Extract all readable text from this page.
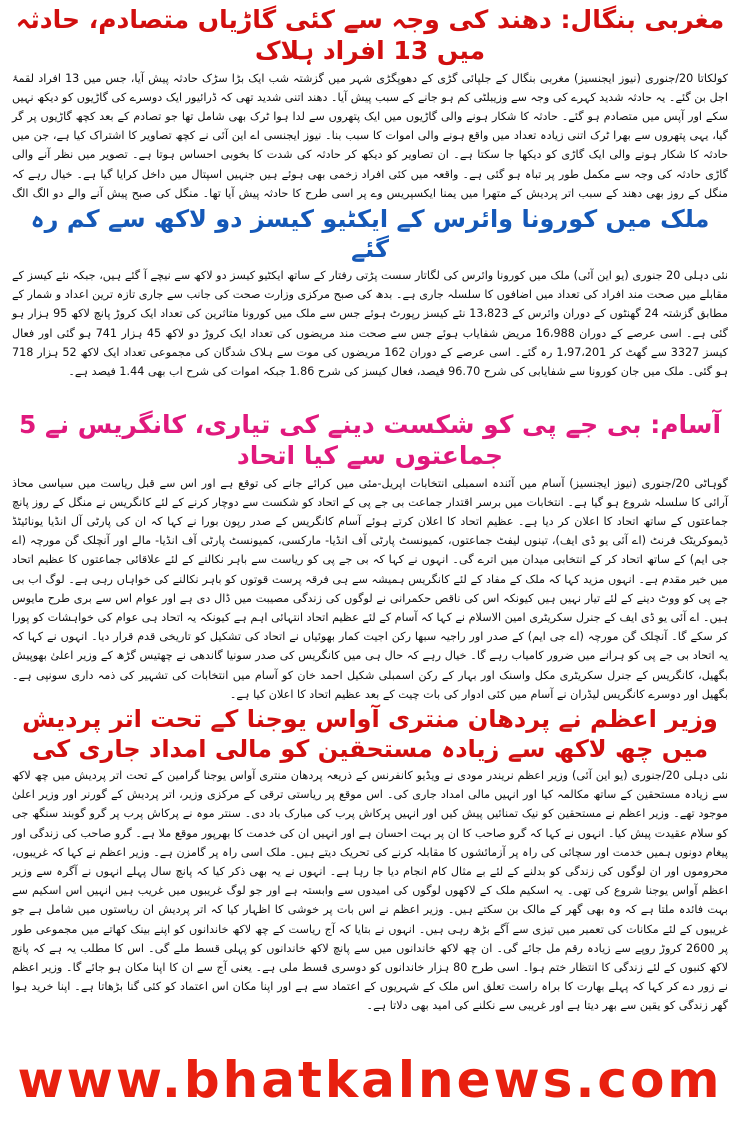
مغربی بنگال: دھند کی وجہ سے کئی گاڑیاں متصادم، حادثہ میں 13 افراد ہلاک

کولکاتا 20/جنوری (نیوز ایجنسیز) مغربی بنگال کے جلپائی گڑی کے دھوپگڑی شہر میں گزشتہ شب ایک بڑا سڑک حادثہ پیش آیا، جس میں 13 افراد لقمۂ اجل بن گئے۔ یہ حادثہ شدید کہرے کی وجہ سے وزیبلٹی کم ہو جانے کے سبب پیش آیا۔ دھند اتنی شدید تھی کہ ڈرائیور ایک دوسرے کی گاڑیوں کو دیکھ نہیں سکے اور آپس میں متصادم ہو گئے۔ حادثہ کا شکار ہونے والی گاڑیوں میں ایک پتھروں سے لدا ہوا ٹرک بھی شامل تھا جو تصادم کے بعد کچھ گاڑیوں پر گر گیا، یہی پتھروں سے بھرا ٹرک اتنی زیادہ تعداد میں واقع ہونے والی اموات کا سبب بنا۔ نیوز ایجنسی اے این آئی نے کچھ تصاویر کا اشتراک کیا ہے، جن میں حادثہ کا شکار ہونے والی ایک گاڑی کو دیکھا جا سکتا ہے۔ ان تصاویر کو دیکھ کر حادثہ کی شدت کا بخوبی احساس ہوتا ہے۔ تصویر میں نظر آنے والی گاڑی حادثہ کی وجہ سے مکمل طور پر تباہ ہو گئی ہے۔ واقعہ میں کئی افراد زخمی بھی ہوئے ہیں جنہیں اسپتال میں داخل کرایا گیا ہے۔ خیال رہے کہ منگل کے روز بھی دھند کے سبب اتر پردیش کے متھرا میں یمنا ایکسپریس وے پر اسی طرح کا حادثہ پیش آیا تھا۔ منگل کی صبح پیش آنے والے دو الگ الگ

ملک میں کورونا وائرس کے ایکٹیو کیسز دو لاکھ سے کم رہ گئے

نئی دہلی 20 جنوری (یو این آئی) ملک میں کورونا وائرس کی لگاتار سست پڑتی رفتار کے ساتھ ایکٹیو کیسز دو لاکھ سے نیچے آ گئے ہیں، جبکہ نئے کیسز کے مقابلے میں صحت مند افراد کی تعداد میں اضافوں کا سلسلہ جاری ہے۔ بدھ کی صبح مرکزی وزارت صحت کی جانب سے جاری تازہ ترین اعداد و شمار کے مطابق گزشتہ 24 گھنٹوں کے دوران وائرس کے 13،823 نئے کیسز رپورٹ ہوئے جس سے ملک میں کورونا متاثرین کی تعداد ایک کروڑ پانچ لاکھ 95 ہزار ہو گئی ہے۔ اسی عرصے کے دوران 16،988 مریض شفایاب ہوئے جس سے صحت مند مریضوں کی تعداد ایک کروڑ دو لاکھ 45 ہزار 741 ہو گئی اور فعال کیسز 3327 سے گھٹ کر 1،97،201 رہ گئے۔ اسی عرصے کے دوران 162 مریضوں کی موت سے ہلاک شدگان کی مجموعی تعداد ایک لاکھ 52 ہزار 718 ہو گئی۔ ملک میں جان کورونا سے شفایابی کی شرح 96.70 فیصد، فعال کیسز کی شرح 1.86 جبکہ اموات کی شرح اب بھی 1.44 فیصد ہے۔

آسام: بی جے پی کو شکست دینے کی تیاری، کانگریس نے 5 جماعتوں سے کیا اتحاد

گوہاٹی 20/جنوری (نیوز ایجنسیز) آسام میں آئندہ اسمبلی انتخابات اپریل-مئی میں کرائے جانے کی توقع ہے اور اس سے قبل ریاست میں سیاسی محاذ آرائی کا سلسلہ شروع ہو گیا ہے۔ انتخابات میں برسر اقتدار جماعت بی جے پی کے اتحاد کو شکست سے دوچار کرنے کے لئے کانگریس نے منگل کے روز پانچ جماعتوں کے ساتھ اتحاد کا اعلان کر دیا ہے۔ عظیم اتحاد کا اعلان کرتے ہوئے آسام کانگریس کے صدر رپون بورا نے کہا کہ ان کی پارٹی آل انڈیا یونائیٹڈ ڈیموکریٹک فرنٹ (اے آئی یو ڈی ایف)، تینوں لیفٹ جماعتوں، کمیونسٹ پارٹی آف انڈیا- مارکسی، کمیونسٹ پارٹی آف انڈیا- مالے اور آنچلک گن مورچہ (اے جی ایم) کے ساتھ اتحاد کر کے انتخابی میدان میں اترے گی۔ انہوں نے کہا کہ بی جے پی کو ریاست سے باہر نکالنے کے لئے علاقائی جماعتوں کا عظیم اتحاد میں خیر مقدم ہے۔ انہوں مزید کہا کہ ملک کے مفاد کے لئے کانگریس ہمیشہ سے ہی فرقہ پرست قوتوں کو باہر نکالنے کی خواہاں رہی ہے۔ لوگ اب بی جے پی کو ووٹ دینے کے لئے تیار نہیں ہیں کیونکہ اس کی ناقص حکمرانی نے لوگوں کی زندگی مصیبت میں ڈال دی ہے اور عوام اس سے بری طرح مایوس ہیں۔ اے آئی یو ڈی ایف کے جنرل سکریٹری امین الاسلام نے کہا کہ آسام کے لئے عظیم اتحاد انتہائی اہم ہے کیونکہ یہ اتحاد ہی عوام کی خواہشات کو پورا کر سکے گا۔ آنچلک گن مورچہ (اے جی ایم) کے صدر اور راجیہ سبھا رکن اجیت کمار بھوئیاں نے اتحاد کی تشکیل کو تاریخی قدم قرار دیا۔ انہوں نے کہا کہ یہ اتحاد بی جے پی کو ہرانے میں ضرور کامیاب رہے گا۔ خیال رہے کہ حال ہی میں کانگریس کی صدر سونیا گاندھی نے چھتیس گڑھ کے وزیر اعلیٰ بھوپیش بگھیل، کانگریس کے جنرل سکریٹری مکل واسنک اور بہار کے رکن اسمبلی شکیل احمد خان کو آسام میں انتخابات کی تشہیر کی ذمہ داری سونپی ہے۔ بگھیل اور دوسرے کانگریس لیڈران نے آسام میں کئی ادوار کی بات چیت کے بعد عظیم اتحاد کا اعلان کیا ہے۔

وزیر اعظم نے پردھان منتری آواس یوجنا کے تحت اتر پردیش میں چھ لاکھ سے زیادہ مستحقین کو مالی امداد جاری کی

نئی دہلی 20/جنوری (یو این آئی) وزیر اعظم نریندر مودی نے ویڈیو کانفرنس کے ذریعہ پردھان منتری آواس یوجنا گرامین کے تحت اتر پردیش میں چھ لاکھ سے زیادہ مستحقین کے ساتھ مکالمہ کیا اور انہیں مالی امداد جاری کی۔ اس موقع پر ریاستی ترقی کے مرکزی وزیر، اتر پردیش کے گورنر اور وزیر اعلیٰ موجود تھے۔ وزیر اعظم نے مستحقین کو نیک تمنائیں پیش کیں اور انہیں پرکاش پرب کی مبارک باد دی۔ سنتر موہ نے پرکاش پرب پر گرو گوبند سنگھ جی کو سلام عقیدت پیش کیا۔ انہوں نے کہا کہ گرو صاحب کا ان پر بہت احسان ہے اور انہیں ان کی خدمت کا بھرپور موقع ملا ہے۔ گرو صاحب کی زندگی اور پیغام دونوں ہمیں خدمت اور سچائی کی راہ پر آزمائشوں کا مقابلہ کرنے کی تحریک دیتے ہیں۔ ملک اسی راہ پر گامزن ہے۔ وزیر اعظم نے کہا کہ غریبوں، محروموں اور ان لوگوں کی زندگی کو بدلنے کے لئے بے مثال کام انجام دیا جا رہا ہے۔ انہوں نے یہ بھی ذکر کیا کہ پانچ سال پہلے انہوں نے آگرہ سے وزیر اعظم آواس یوجنا شروع کی تھی۔ یہ اسکیم ملک کے لاکھوں لوگوں کی امیدوں سے وابستہ ہے اور جو لوگ غریبوں میں غریب ہیں انہیں اس اسکیم سے بہت فائدہ ملتا ہے کہ وہ بھی گھر کے مالک بن سکتے ہیں۔ وزیر اعظم نے اس بات پر خوشی کا اظہار کیا کہ اتر پردیش ان ریاستوں میں شامل ہے جو غریبوں کے لئے مکانات کی تعمیر میں تیزی سے آگے بڑھ رہی ہیں۔ انہوں نے بتایا کہ آج ریاست کے چھ لاکھ خاندانوں کو اپنے بینک کھاتے میں مجموعی طور پر 2600 کروڑ روپے سے زیادہ رقم مل جائے گی۔ ان چھ لاکھ خاندانوں میں سے پانچ لاکھ خاندانوں کو پہلی قسط ملے گی۔ اس کا مطلب یہ ہے کہ پانچ لاکھ کنبوں کے لئے زندگی کا انتظار ختم ہوا۔ اسی طرح 80 ہزار خاندانوں کو دوسری قسط ملی ہے۔ یعنی آج سے ان کا اپنا مکان ہو جائے گا۔ وزیر اعظم نے زور دے کر کہا کہ پہلے بھارت کا براہ راست تعلق اس ملک کے شہریوں کے اعتماد سے ہے اور اپنا مکان اس اعتماد کو کئی گنا بڑھاتا ہے۔ اپنا خرید ہوا گھر زندگی کو یقین سے بھر دیتا ہے اور غریبی سے نکلنے کی امید بھی دلاتا ہے۔

www.bhatkalnews.com
